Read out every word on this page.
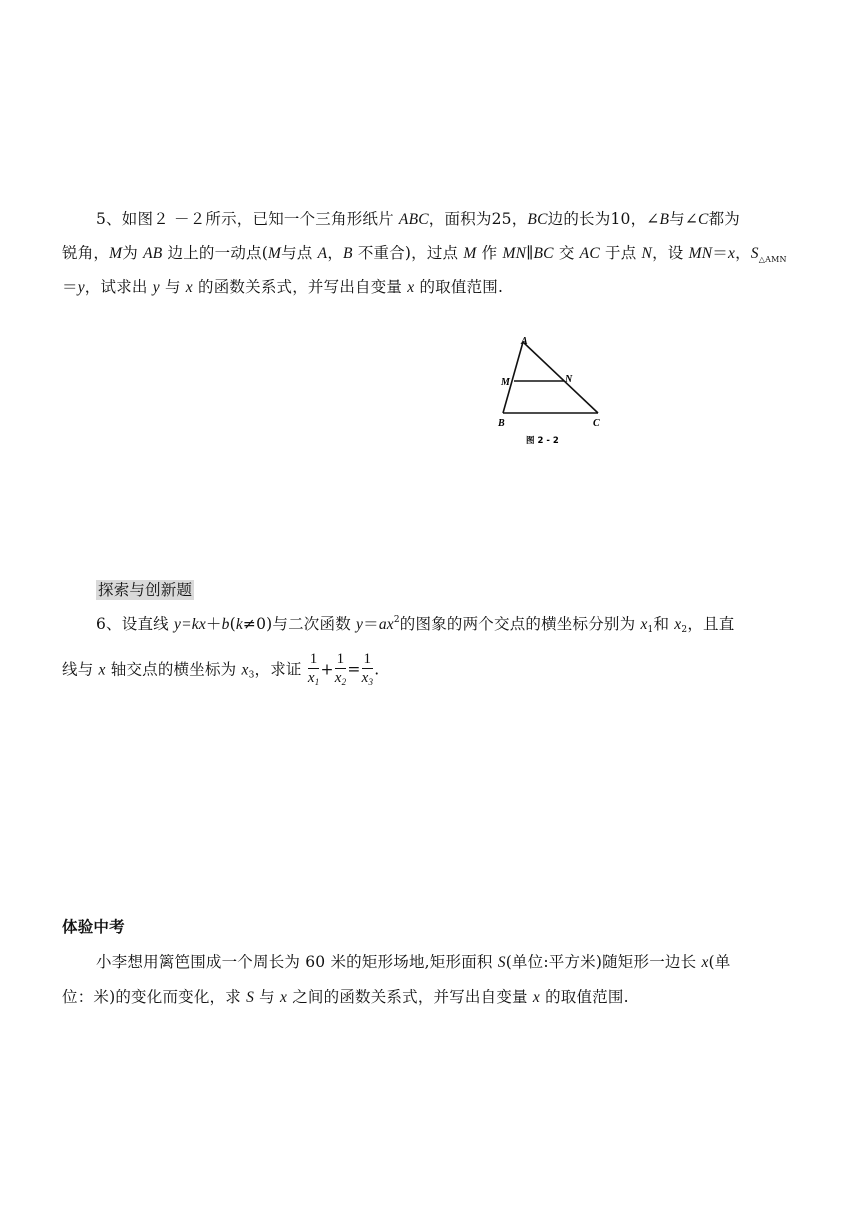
5、如图２ －２所示，已知一个三角形纸片 ABC，面积为25，BC边的长为10，∠B与∠C都为
锐角，M为 AB 边上的一动点(M与点 A，B 不重合)，过点 M 作 MN∥BC 交 AC 于点 N，设 MN＝x，$S_{\triangle AMN}$
＝y，试求出 y 与 x 的函数关系式，并写出自变量 x 的取值范围.
A
M	N
B	C
图 2 - 2
探索与创新题
6、设直线 y=kx＋b(k≠0)与二次函数 $y=ax^2$的图象的两个交点的横坐标分别为 $x_1$和 $x_2$，且直
线与 x 轴交点的横坐标为 $x_3$，求证 $\frac{1}{x_1} + \frac{1}{x_2} = \frac{1}{x_3}$ .
体验中考
小李想用篱笆围成一个周长为 60 米的矩形场地,矩形面积 S(单位:平方米)随矩形一边长 x(单
位：米)的变化而变化，求 S 与 x 之间的函数关系式，并写出自变量 x 的取值范围.
